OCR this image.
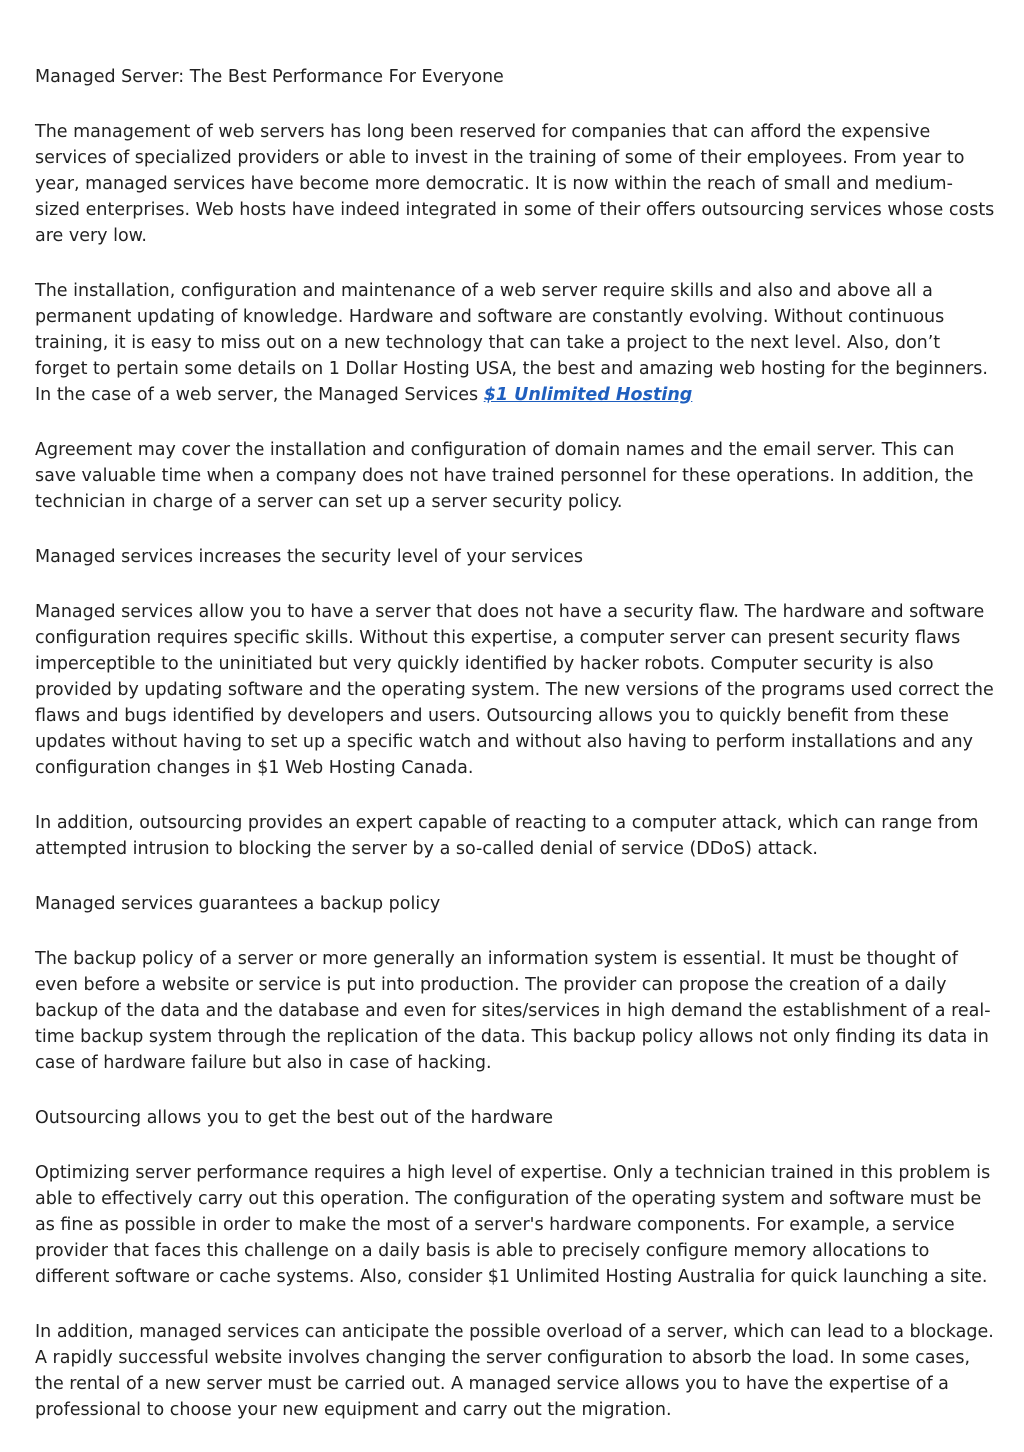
Managed Server: The Best Performance For Everyone

The management of web servers has long been reserved for companies that can afford the expensive services of specialized providers or able to invest in the training of some of their employees. From year to year, managed services have become more democratic. It is now within the reach of small and medium-sized enterprises. Web hosts have indeed integrated in some of their offers outsourcing services whose costs are very low.

The installation, configuration and maintenance of a web server require skills and also and above all a permanent updating of knowledge. Hardware and software are constantly evolving. Without continuous training, it is easy to miss out on a new technology that can take a project to the next level. Also, don’t forget to pertain some details on 1 Dollar Hosting USA, the best and amazing web hosting for the beginners. In the case of a web server, the Managed Services $1 Unlimited Hosting

Agreement may cover the installation and configuration of domain names and the email server. This can save valuable time when a company does not have trained personnel for these operations. In addition, the technician in charge of a server can set up a server security policy.

Managed services increases the security level of your services

Managed services allow you to have a server that does not have a security flaw. The hardware and software configuration requires specific skills. Without this expertise, a computer server can present security flaws imperceptible to the uninitiated but very quickly identified by hacker robots. Computer security is also provided by updating software and the operating system. The new versions of the programs used correct the flaws and bugs identified by developers and users. Outsourcing allows you to quickly benefit from these updates without having to set up a specific watch and without also having to perform installations and any configuration changes in $1 Web Hosting Canada.

In addition, outsourcing provides an expert capable of reacting to a computer attack, which can range from attempted intrusion to blocking the server by a so-called denial of service (DDoS) attack.

Managed services guarantees a backup policy

The backup policy of a server or more generally an information system is essential. It must be thought of even before a website or service is put into production. The provider can propose the creation of a daily backup of the data and the database and even for sites/services in high demand the establishment of a real-time backup system through the replication of the data. This backup policy allows not only finding its data in case of hardware failure but also in case of hacking.

Outsourcing allows you to get the best out of the hardware

Optimizing server performance requires a high level of expertise. Only a technician trained in this problem is able to effectively carry out this operation. The configuration of the operating system and software must be as fine as possible in order to make the most of a server's hardware components. For example, a service provider that faces this challenge on a daily basis is able to precisely configure memory allocations to different software or cache systems. Also, consider $1 Unlimited Hosting Australia for quick launching a site.

In addition, managed services can anticipate the possible overload of a server, which can lead to a blockage. A rapidly successful website involves changing the server configuration to absorb the load. In some cases, the rental of a new server must be carried out. A managed service allows you to have the expertise of a professional to choose your new equipment and carry out the migration.
